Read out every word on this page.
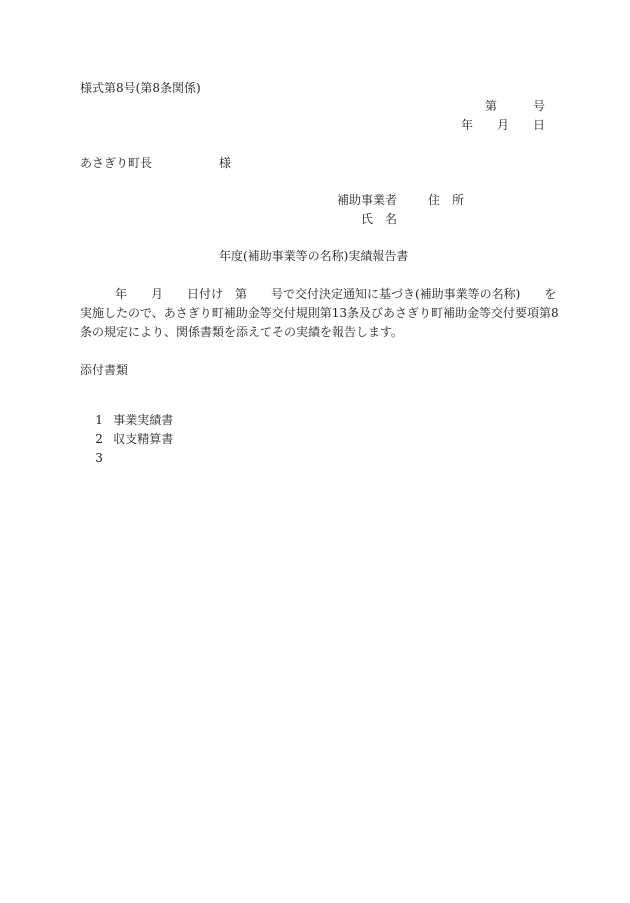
様式第8号(第8条関係)
第　　　号
年　　月　　日
あさぎり町長	様
補助事業者	住　所
氏　名
年度(補助事業等の名称)実績報告書
年　　月　　日付け　第　　号で交付決定通知に基づき(補助事業等の名称)　　を
実施したので、あさぎり町補助金等交付規則第13条及びあさぎり町補助金等交付要項第8
条の規定により、関係書類を添えてその実績を報告します。
添付書類

1 事業実績書

2 収支精算書

3
